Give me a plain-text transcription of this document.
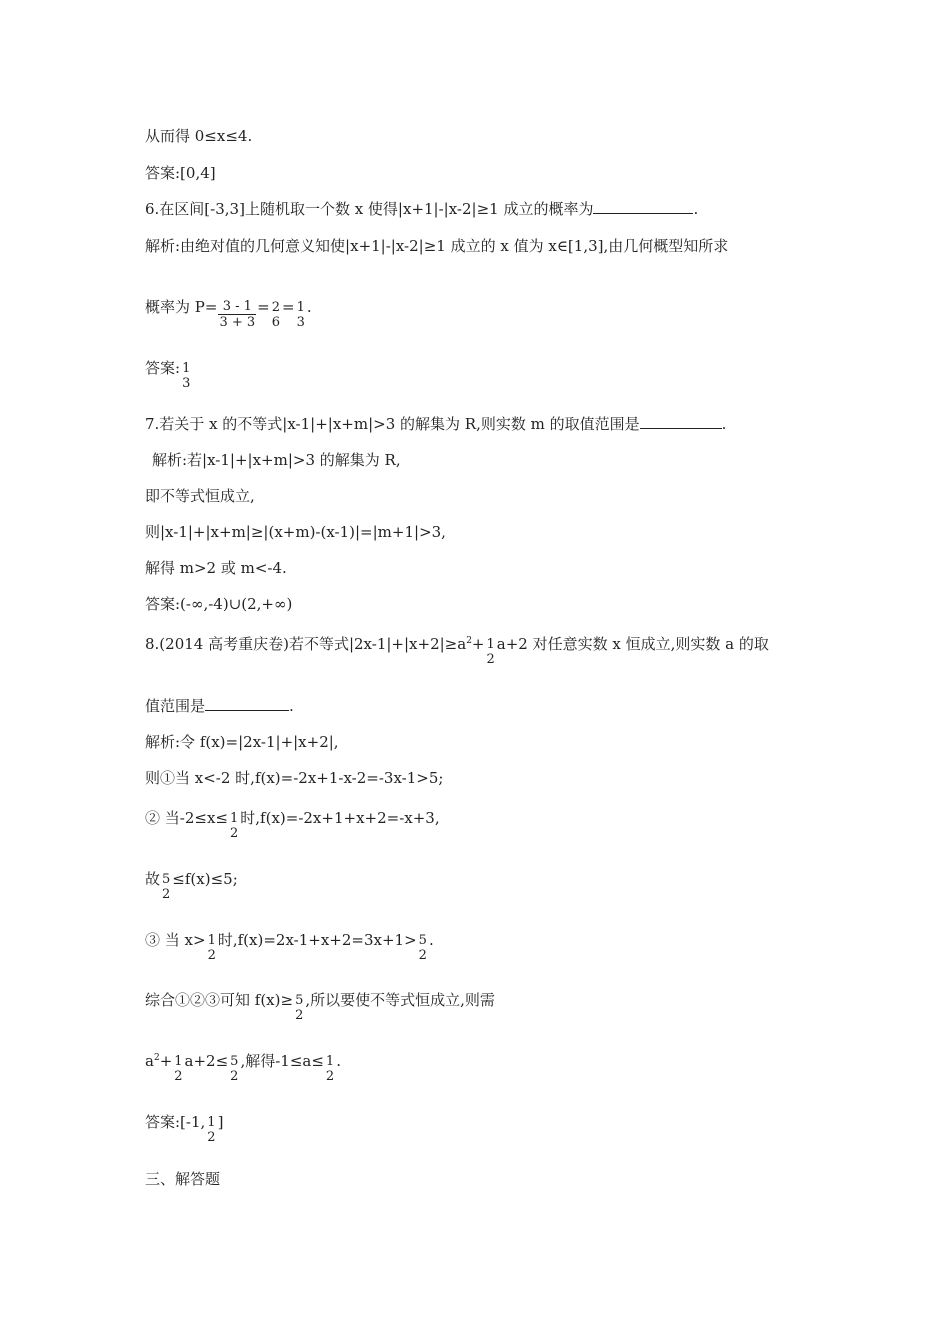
从而得 0≤x≤4.
答案:[0,4]
6.在区间[-3,3]上随机取一个数 x 使得|x+1|-|x-2|≥1 成立的概率为	.
解析:由绝对值的几何意义知使|x+1|-|x-2|≥1 成立的 x 值为 x∈[1,3],由几何概型知所求
概率为 $P= \frac{3 - 1}{3 + 3} = 2$
6
= 1
3
.
答案: 1
3
7.若关于 x 的不等式|x-1|+|x+m|>3 的解集为 R,则实数 m 的取值范围是	.
解析:若|x-1|+|x+m|>3 的解集为 R,
即不等式恒成立,
则|x-1|+|x+m|≥|(x+m)-(x-1)|=|m+1|>3,
解得 m>2 或 m<-4.
答案:(-∞,-4)∪(2,+∞)
8.(2014 高考重庆卷)若不等式$|2x-1|+|x+2|\ge a^2+ 1$
2
a+2 对任意实数 x 恒成立,则实数 a 的取
值范围是	.
解析:令 f(x)=|2x-1|+|x+2|,
则①当 x<-2 时,f(x)=-2x+1-x-2=-3x-1>5;
② 当-2≤x≤ 1
2
时,f(x)=-2x+1+x+2=-x+3,
故 5
2
≤f(x)≤5;
③ 当 x> 1
2
时,f(x)=2x-1+x+2=3x+1> 5
2
.
综合①②③可知 f(x)≥ 5
2
,所以要使不等式恒成立,则需
$a^2+ 1$
2
a+2≤ 5
2
,解得-1≤a≤ 1
2
.
答案:[-1, 1
2
]
三、解答题
